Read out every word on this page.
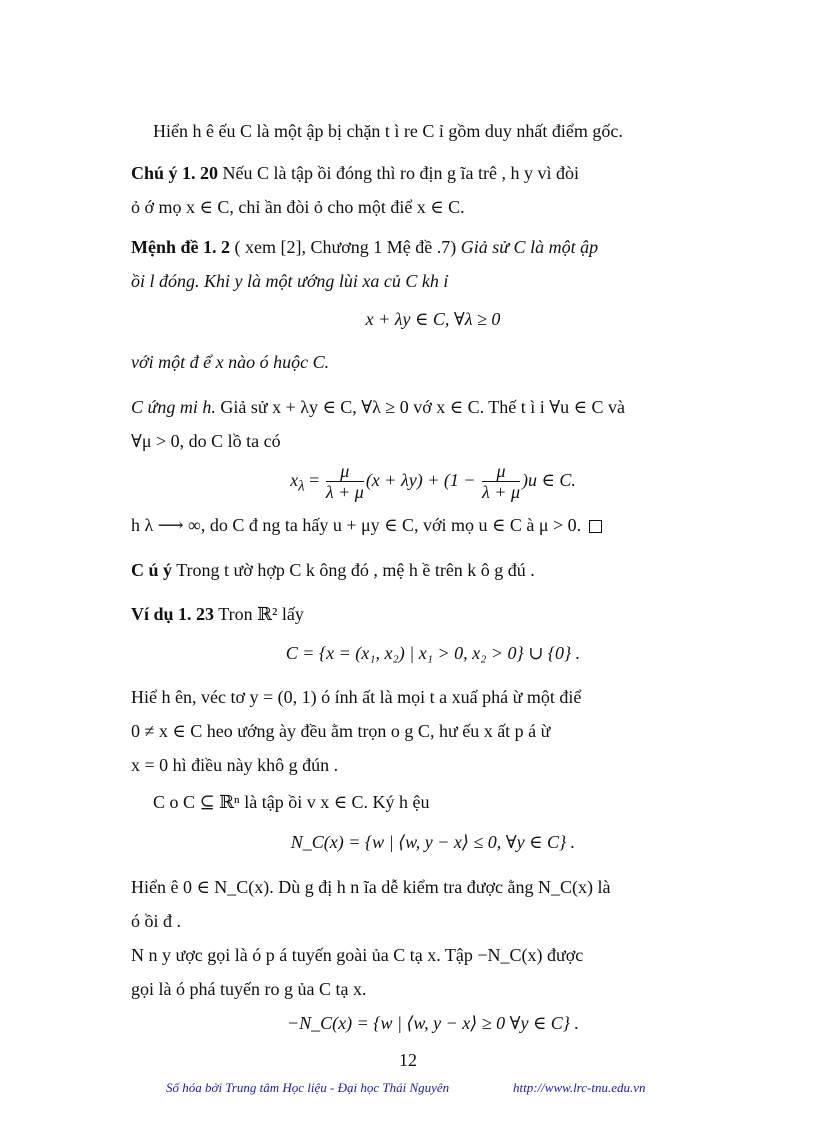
Hiển h ê ếu C là một ập bị chặn t ì re C ỉ gồm duy nhất điểm gốc.
Chú ý 1. 20 Nếu C là tập ồi đóng thì ro địn g ĩa trê , h y vì đòi
ỏ ớ mọ x ∈ C, chỉ ần đòi ỏ cho một điể x ∈ C.
Mệnh đề 1. 2 ( xem [2], Chương 1 Mệ đề .7) Giả sử C là một ập
ồi l đóng. Khi y là một ướng lùi xa củ C kh ỉ
x + λy ∈ C, ∀λ ≥ 0
với một đ ể x nào ó huộc C.
C ứng mi h. Giả sử x + λy ∈ C, ∀λ ≥ 0 vớ x ∈ C. Thế t ì i ∀u ∈ C và
∀μ > 0, do C lồ ta có
$x_\lambda = \frac{\mu}{\lambda + \mu} (x + \lambda y) + (1 - \frac{\mu}{\lambda + \mu} )u$ ∈ C.
h λ ⟶ ∞, do C đ ng ta hấy u + μy ∈ C, với mọ u ∈ C à μ > 0.
C ú ý Trong t ườ hợp C k ông đó , mệ h ề trên k ô g đú .
Ví dụ 1. 23 Tron ℝ² lấy
C = {x = (x₁, x₂) | x₁ > 0, x₂ > 0} ∪ {0} .
Hiể h ên, véc tơ y = (0, 1) ó ính ất là mọi t a xuấ phá ừ một điể
0 ≠ x ∈ C heo ướng ày đều ằm trọn o g C, hư ếu x ất p á ừ
x = 0 hì điều này khô g đún .
C o C ⊆ ℝⁿ là tập ồi v x ∈ C. Ký h ệu
N_C(x) = {w | ⟨w, y − x⟩ ≤ 0, ∀y ∈ C} .
Hiển ê 0 ∈ N_C(x). Dù g đị h n ĩa dễ kiểm tra được ằng N_C(x) là
ó ồi đ .
N n y ược gọi là ó p á tuyến goài ủa C tạ x. Tập −N_C(x) được
gọi là ó phá tuyến ro g ủa C tạ x.
−N_C(x) = {w | ⟨w, y − x⟩ ≥ 0 ∀y ∈ C} .
12
Số hóa bởi Trung tâm Học liệu - Đại học Thái Nguyên	http://www.lrc-tnu.edu.vn
